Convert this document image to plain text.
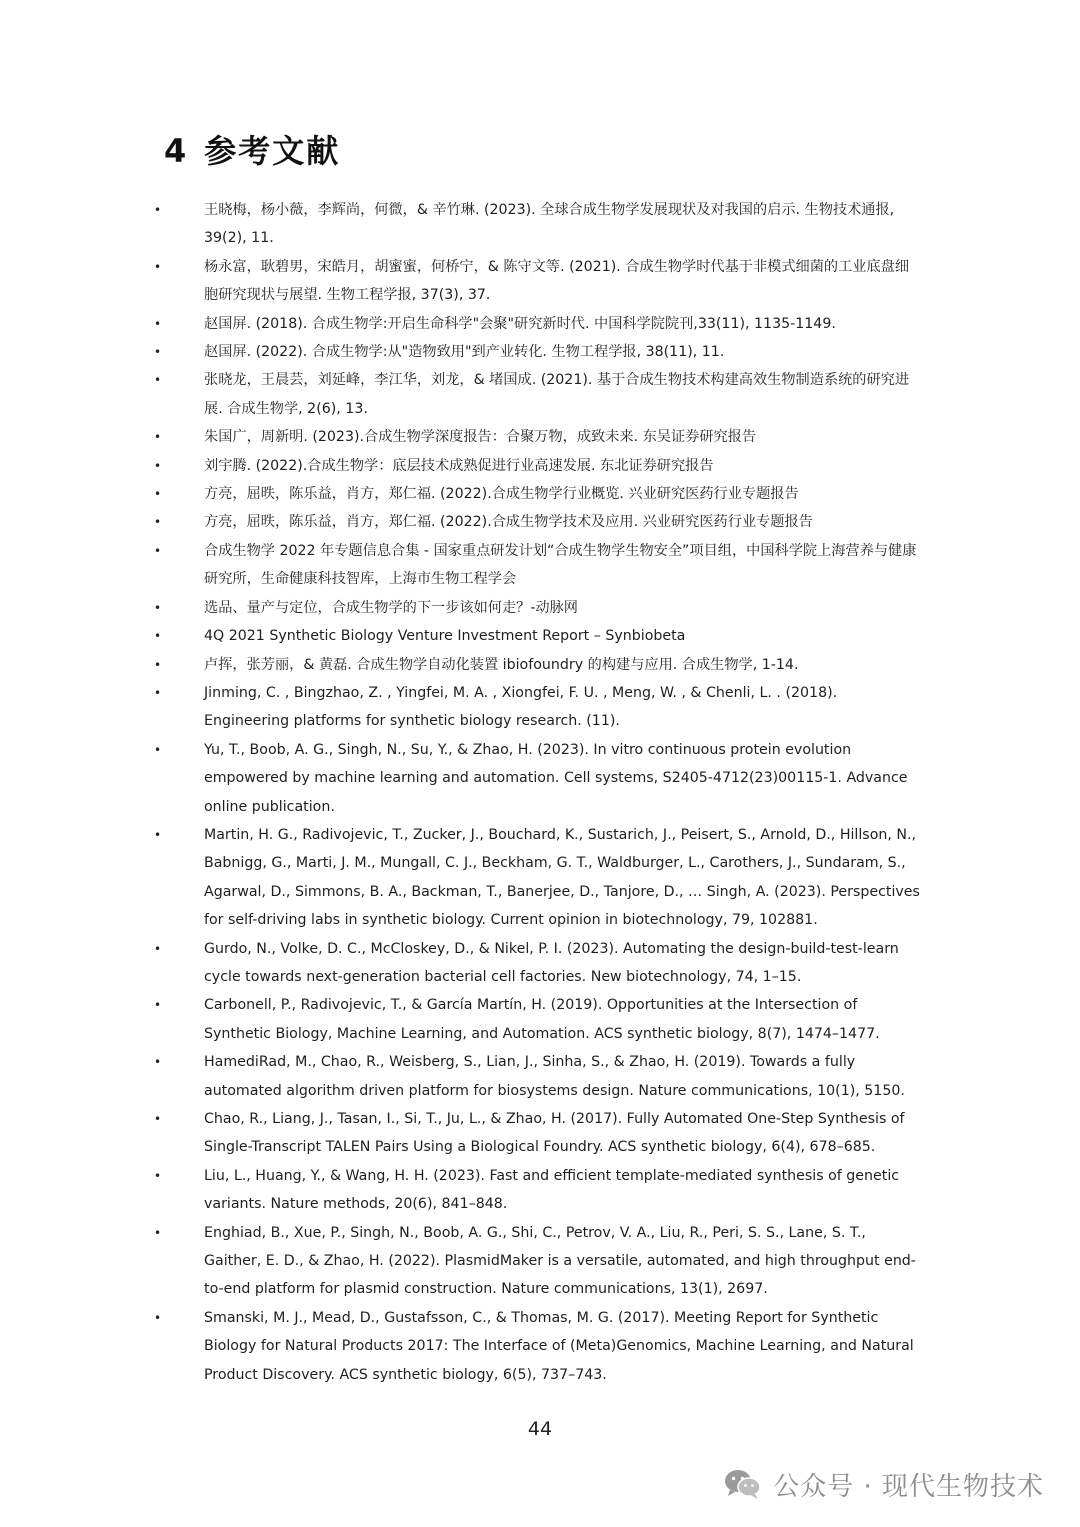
4 参考文献
•	王晓梅，杨小薇，李辉尚，何微，& 辛竹琳. (2023). 全球合成生物学发展现状及对我国的启示. 生物技术通报, 39(2), 11.
•	杨永富，耿碧男，宋皓月，胡蜜蜜，何桥宁，& 陈守文等. (2021). 合成生物学时代基于非模式细菌的工业底盘细胞研究现状与展望. 生物工程学报, 37(3), 37.
•	赵国屏. (2018). 合成生物学:开启生命科学"会聚"研究新时代. 中国科学院院刊,33(11), 1135-1149.
•	赵国屏. (2022). 合成生物学:从"造物致用"到产业转化. 生物工程学报, 38(11), 11.
•	张晓龙，王晨芸，刘延峰，李江华，刘龙，& 堵国成. (2021). 基于合成生物技术构建高效生物制造系统的研究进展. 合成生物学, 2(6), 13.
•	朱国广，周新明. (2023).合成生物学深度报告：合聚万物，成致未来. 东吴证券研究报告
•	刘宇腾. (2022).合成生物学：底层技术成熟促进行业高速发展. 东北证券研究报告
•	方亮，屈昳，陈乐益，肖方，郑仁福. (2022).合成生物学行业概览. 兴业研究医药行业专题报告
•	方亮，屈昳，陈乐益，肖方，郑仁福. (2022).合成生物学技术及应用. 兴业研究医药行业专题报告
•	合成生物学 2022 年专题信息合集 - 国家重点研发计划“合成生物学生物安全”项目组，中国科学院上海营养与健康研究所，生命健康科技智库，上海市生物工程学会
•	选品、量产与定位，合成生物学的下一步该如何走？-动脉网
•	4Q 2021 Synthetic Biology Venture Investment Report – Synbiobeta
•	卢挥，张芳丽，& 黄磊. 合成生物学自动化装置 ibiofoundry 的构建与应用. 合成生物学, 1-14.
•	Jinming, C. , Bingzhao, Z. , Yingfei, M. A. , Xiongfei, F. U. , Meng, W. , & Chenli, L. . (2018). Engineering platforms for synthetic biology research. (11).
•	Yu, T., Boob, A. G., Singh, N., Su, Y., & Zhao, H. (2023). In vitro continuous protein evolution empowered by machine learning and automation. Cell systems, S2405-4712(23)00115-1. Advance online publication.
•	Martin, H. G., Radivojevic, T., Zucker, J., Bouchard, K., Sustarich, J., Peisert, S., Arnold, D., Hillson, N., Babnigg, G., Marti, J. M., Mungall, C. J., Beckham, G. T., Waldburger, L., Carothers, J., Sundaram, S., Agarwal, D., Simmons, B. A., Backman, T., Banerjee, D., Tanjore, D., … Singh, A. (2023). Perspectives for self-driving labs in synthetic biology. Current opinion in biotechnology, 79, 102881.
•	Gurdo, N., Volke, D. C., McCloskey, D., & Nikel, P. I. (2023). Automating the design-build-test-learn cycle towards next-generation bacterial cell factories. New biotechnology, 74, 1–15.
•	Carbonell, P., Radivojevic, T., & García Martín, H. (2019). Opportunities at the Intersection of Synthetic Biology, Machine Learning, and Automation. ACS synthetic biology, 8(7), 1474–1477.
•	HamediRad, M., Chao, R., Weisberg, S., Lian, J., Sinha, S., & Zhao, H. (2019). Towards a fully automated algorithm driven platform for biosystems design. Nature communications, 10(1), 5150.
•	Chao, R., Liang, J., Tasan, I., Si, T., Ju, L., & Zhao, H. (2017). Fully Automated One-Step Synthesis of Single-Transcript TALEN Pairs Using a Biological Foundry. ACS synthetic biology, 6(4), 678–685.
•	Liu, L., Huang, Y., & Wang, H. H. (2023). Fast and efficient template-mediated synthesis of genetic variants. Nature methods, 20(6), 841–848.
•	Enghiad, B., Xue, P., Singh, N., Boob, A. G., Shi, C., Petrov, V. A., Liu, R., Peri, S. S., Lane, S. T., Gaither, E. D., & Zhao, H. (2022). PlasmidMaker is a versatile, automated, and high throughput end-to-end platform for plasmid construction. Nature communications, 13(1), 2697.
•	Smanski, M. J., Mead, D., Gustafsson, C., & Thomas, M. G. (2017). Meeting Report for Synthetic Biology for Natural Products 2017: The Interface of (Meta)Genomics, Machine Learning, and Natural Product Discovery. ACS synthetic biology, 6(5), 737–743.
44
公众号 · 现代生物技术
